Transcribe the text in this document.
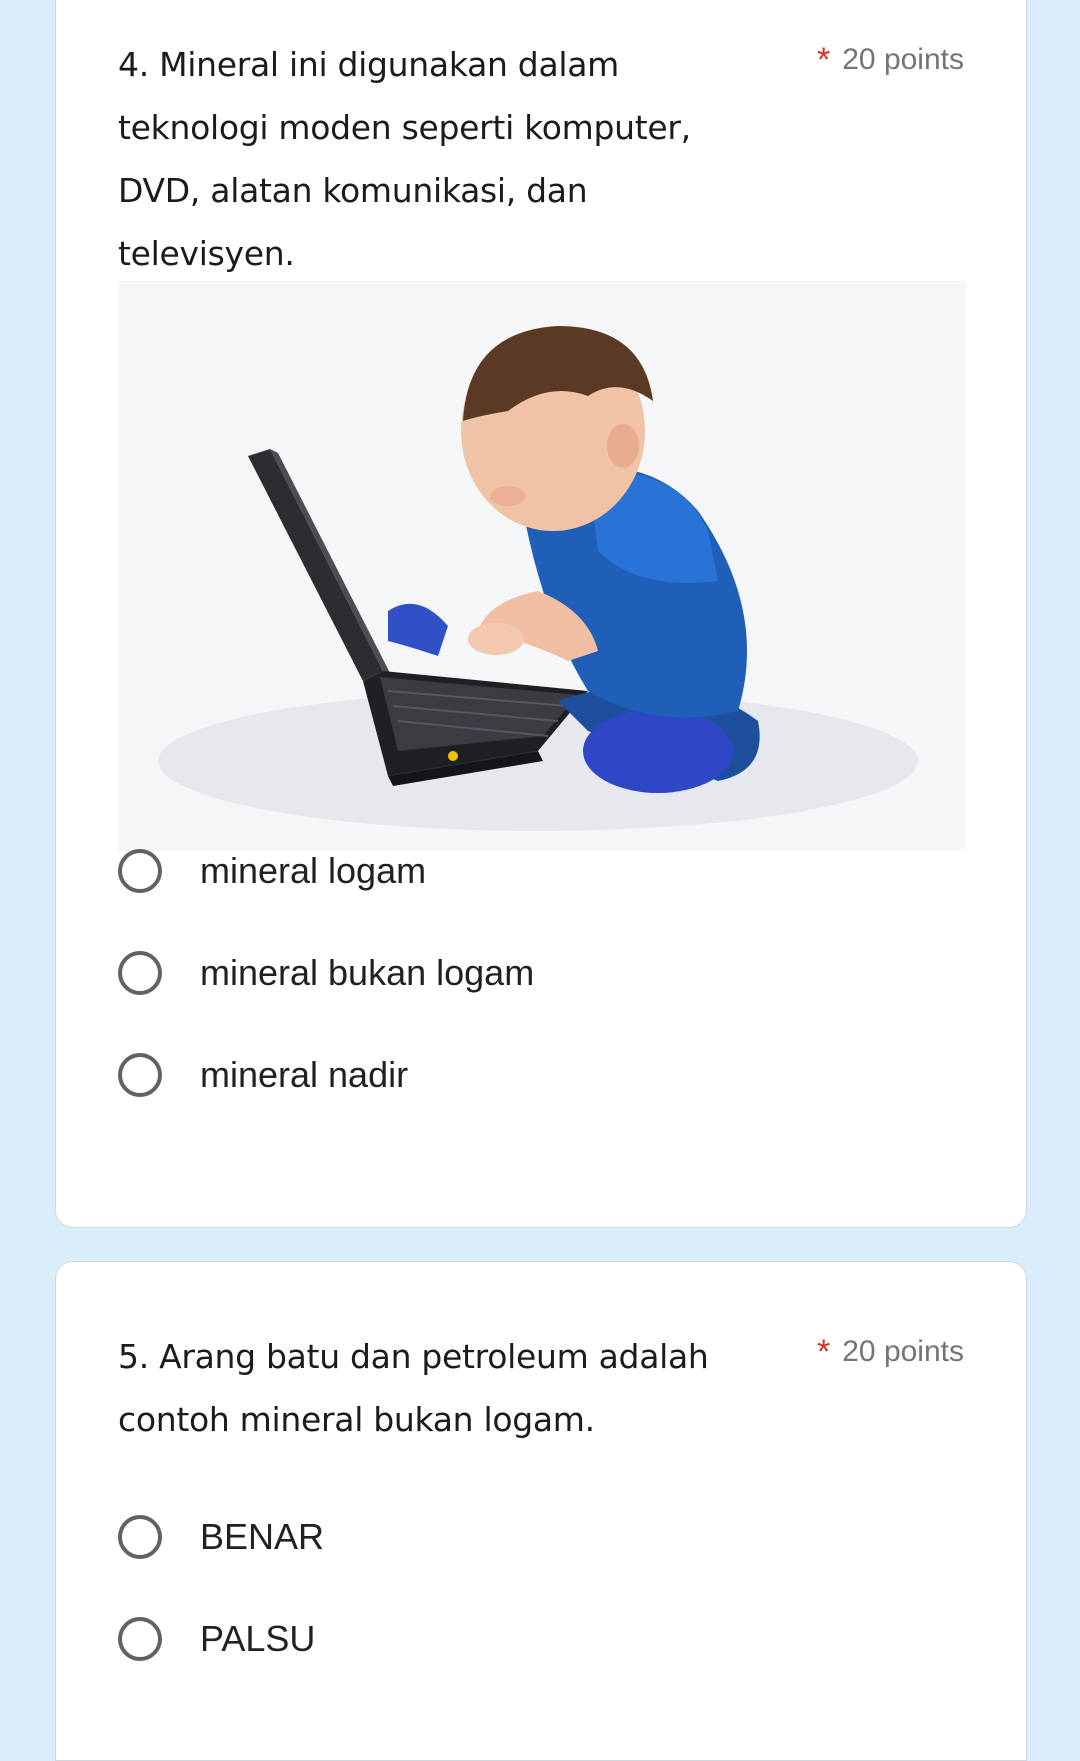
4. Mineral ini digunakan dalam teknologi moden seperti komputer, DVD, alatan komunikasi, dan televisyen.
* 20 points
mineral logam
mineral bukan logam
mineral nadir
5. Arang batu dan petroleum adalah contoh mineral bukan logam.
* 20 points
BENAR
PALSU
